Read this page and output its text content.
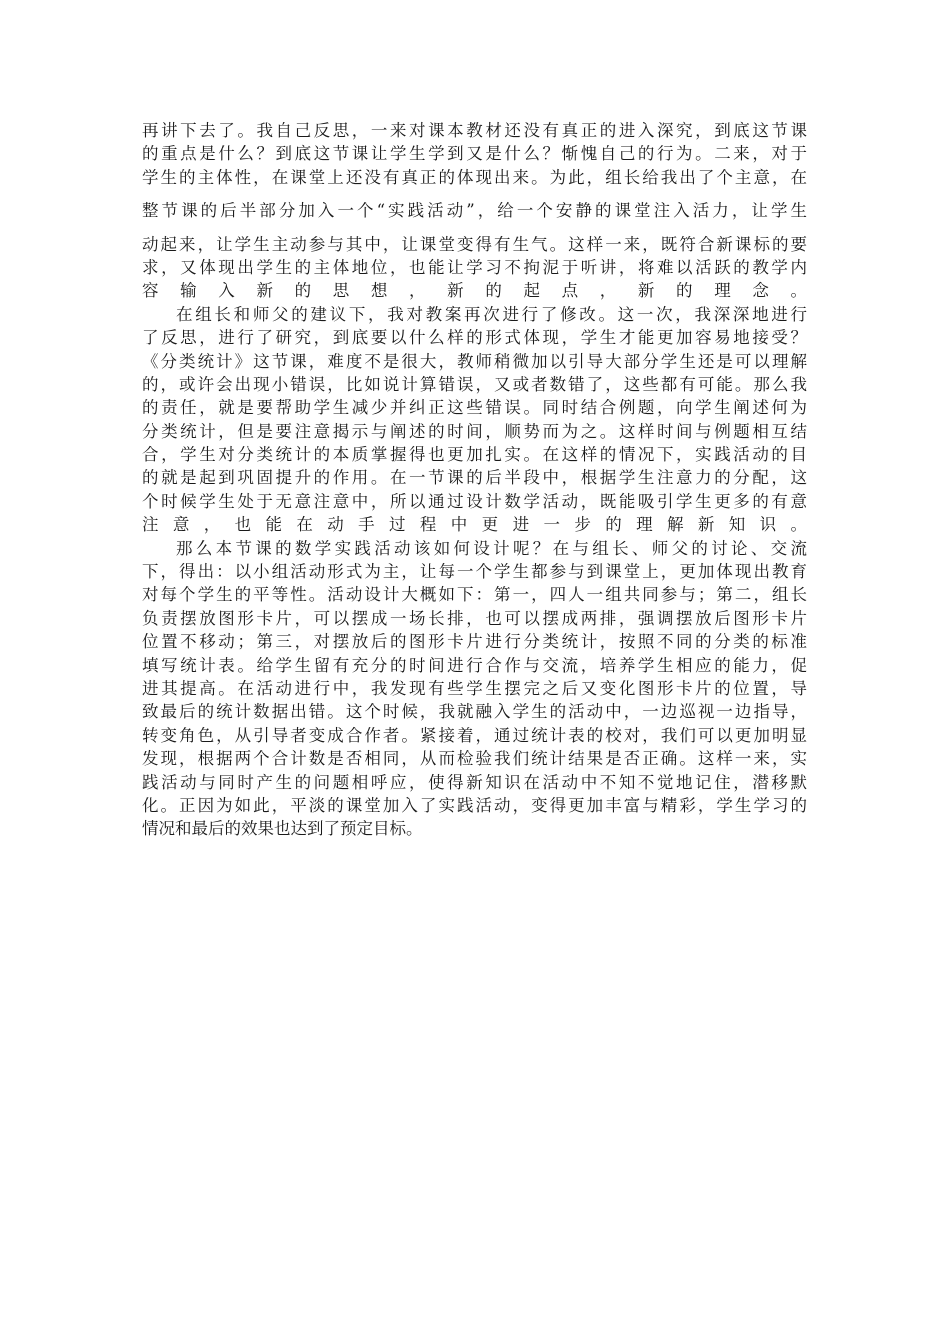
再讲下去了。我自己反思，一来对课本教材还没有真正的进入深究，到底这节课
的重点是什么？到底这节课让学生学到又是什么？惭愧自己的行为。二来，对于
学生的主体性，在课堂上还没有真正的体现出来。为此，组长给我出了个主意，在
整节课的后半部分加入一个“实践活动”，给一个安静的课堂注入活力，让学生
动起来，让学生主动参与其中，让课堂变得有生气。这样一来，既符合新课标的要
求，又体现出学生的主体地位，也能让学习不拘泥于听讲，将难以活跃的教学内
容 输 入 新 的 思 想 ， 新 的 起 点 ， 新 的 理 念 。
在组长和师父的建议下，我对教案再次进行了修改。这一次，我深深地进行
了反思，进行了研究，到底要以什么样的形式体现，学生才能更加容易地接受？
《分类统计》这节课，难度不是很大，教师稍微加以引导大部分学生还是可以理解
的，或许会出现小错误，比如说计算错误，又或者数错了，这些都有可能。那么我
的责任，就是要帮助学生减少并纠正这些错误。同时结合例题，向学生阐述何为
分类统计，但是要注意揭示与阐述的时间，顺势而为之。这样时间与例题相互结
合，学生对分类统计的本质掌握得也更加扎实。在这样的情况下，实践活动的目
的就是起到巩固提升的作用。在一节课的后半段中，根据学生注意力的分配，这
个时候学生处于无意注意中，所以通过设计数学活动，既能吸引学生更多的有意
注 意 ， 也 能 在 动 手 过 程 中 更 进 一 步 的 理 解 新 知 识 。
那么本节课的数学实践活动该如何设计呢？在与组长、师父的讨论、交流
下，得出：以小组活动形式为主，让每一个学生都参与到课堂上，更加体现出教育
对每个学生的平等性。活动设计大概如下：第一，四人一组共同参与；第二，组长
负责摆放图形卡片，可以摆成一场长排，也可以摆成两排，强调摆放后图形卡片
位置不移动；第三，对摆放后的图形卡片进行分类统计，按照不同的分类的标准
填写统计表。给学生留有充分的时间进行合作与交流，培养学生相应的能力，促
进其提高。在活动进行中，我发现有些学生摆完之后又变化图形卡片的位置，导
致最后的统计数据出错。这个时候，我就融入学生的活动中，一边巡视一边指导，
转变角色，从引导者变成合作者。紧接着，通过统计表的校对，我们可以更加明显
发现，根据两个合计数是否相同，从而检验我们统计结果是否正确。这样一来，实
践活动与同时产生的问题相呼应，使得新知识在活动中不知不觉地记住，潜移默
化。正因为如此，平淡的课堂加入了实践活动，变得更加丰富与精彩，学生学习的
情况和最后的效果也达到了预定目标。
